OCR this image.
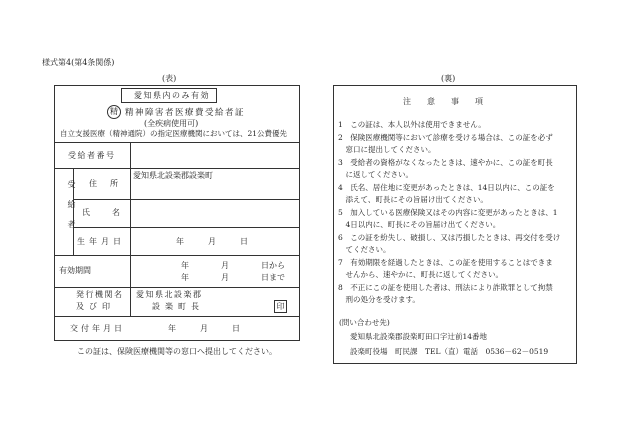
様式第4(第4条関係)
(表)
愛知県内のみ有効
精 精神障害者医療費受給者証
(全疾病使用可)
自立支援医療（精神通院）の指定医療機関においては、21公費優先
受給者番号
受給者 住所
愛知県北設楽郡設楽町
氏名
生年月日	年　　　月　　　日
有効期間
年　　　　月　　　　日から
年　　　　月　　　　日まで
発行機関名
及び印
愛知県北設楽郡
設楽町長	印
交付年月日	年　　　月　　　日
この証は、保険医療機関等の窓口へ提出してください。
(裏)
注　　意　　事　　項
1　この証は、本人以外は使用できません。
2　保険医療機関等において診療を受ける場合は、この証を必ず
　窓口に提出してください。
3　受給者の資格がなくなったときは、速やかに、この証を町長
　に返してください。
4　氏名、居住地に変更があったときは、14日以内に、この証を
　添えて、町長にその旨届け出てください。
5　加入している医療保険又はその内容に変更があったときは、1
　4日以内に、町長にその旨届け出てください。
6　この証を紛失し、破損し、又は汚損したときは、再交付を受け
　てください。
7　有効期限を経過したときは、この証を使用することはできま
　せんから、速やかに、町長に返してください。
8　不正にこの証を使用した者は、刑法により詐欺罪として拘禁
　刑の処分を受けます。
(問い合わせ先)
愛知県北設楽郡設楽町田口字辻前14番地
設楽町役場　町民課　TEL（直）電話　0536－62－0519
